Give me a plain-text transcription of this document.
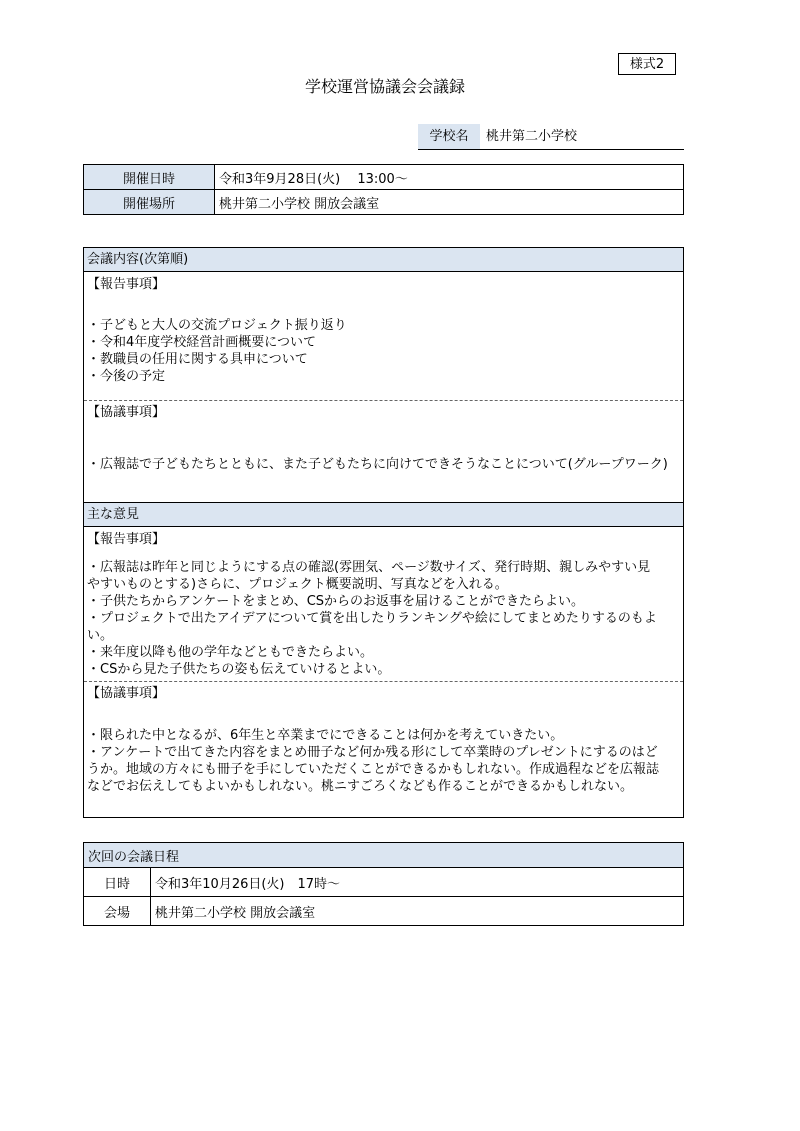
様式2
学校運営協議会会議録
学校名	桃井第二小学校
開催日時	令和3年9月28日(火)　 13:00～
開催場所	桃井第二小学校 開放会議室
会議内容(次第順)
【報告事項】
・子どもと大人の交流プロジェクト振り返り
・令和4年度学校経営計画概要について
・教職員の任用に関する具申について
・今後の予定
【協議事項】
・広報誌で子どもたちとともに、また子どもたちに向けてできそうなことについて(グループワーク)
主な意見
【報告事項】
・広報誌は昨年と同じようにする点の確認(雰囲気、ページ数サイズ、発行時期、親しみやすい見
やすいものとする)さらに、プロジェクト概要説明、写真などを入れる。
・子供たちからアンケートをまとめ、CSからのお返事を届けることができたらよい。
・プロジェクトで出たアイデアについて賞を出したりランキングや絵にしてまとめたりするのもよ
い。
・来年度以降も他の学年などともできたらよい。
・CSから見た子供たちの姿も伝えていけるとよい。
【協議事項】
・限られた中となるが、6年生と卒業までにできることは何かを考えていきたい。
・アンケートで出てきた内容をまとめ冊子など何か残る形にして卒業時のプレゼントにするのはど
うか。地域の方々にも冊子を手にしていただくことができるかもしれない。作成過程などを広報誌
などでお伝えしてもよいかもしれない。桃ニすごろくなども作ることができるかもしれない。
次回の会議日程	
日時	令和3年10月26日(火)　17時～
会場	桃井第二小学校 開放会議室
